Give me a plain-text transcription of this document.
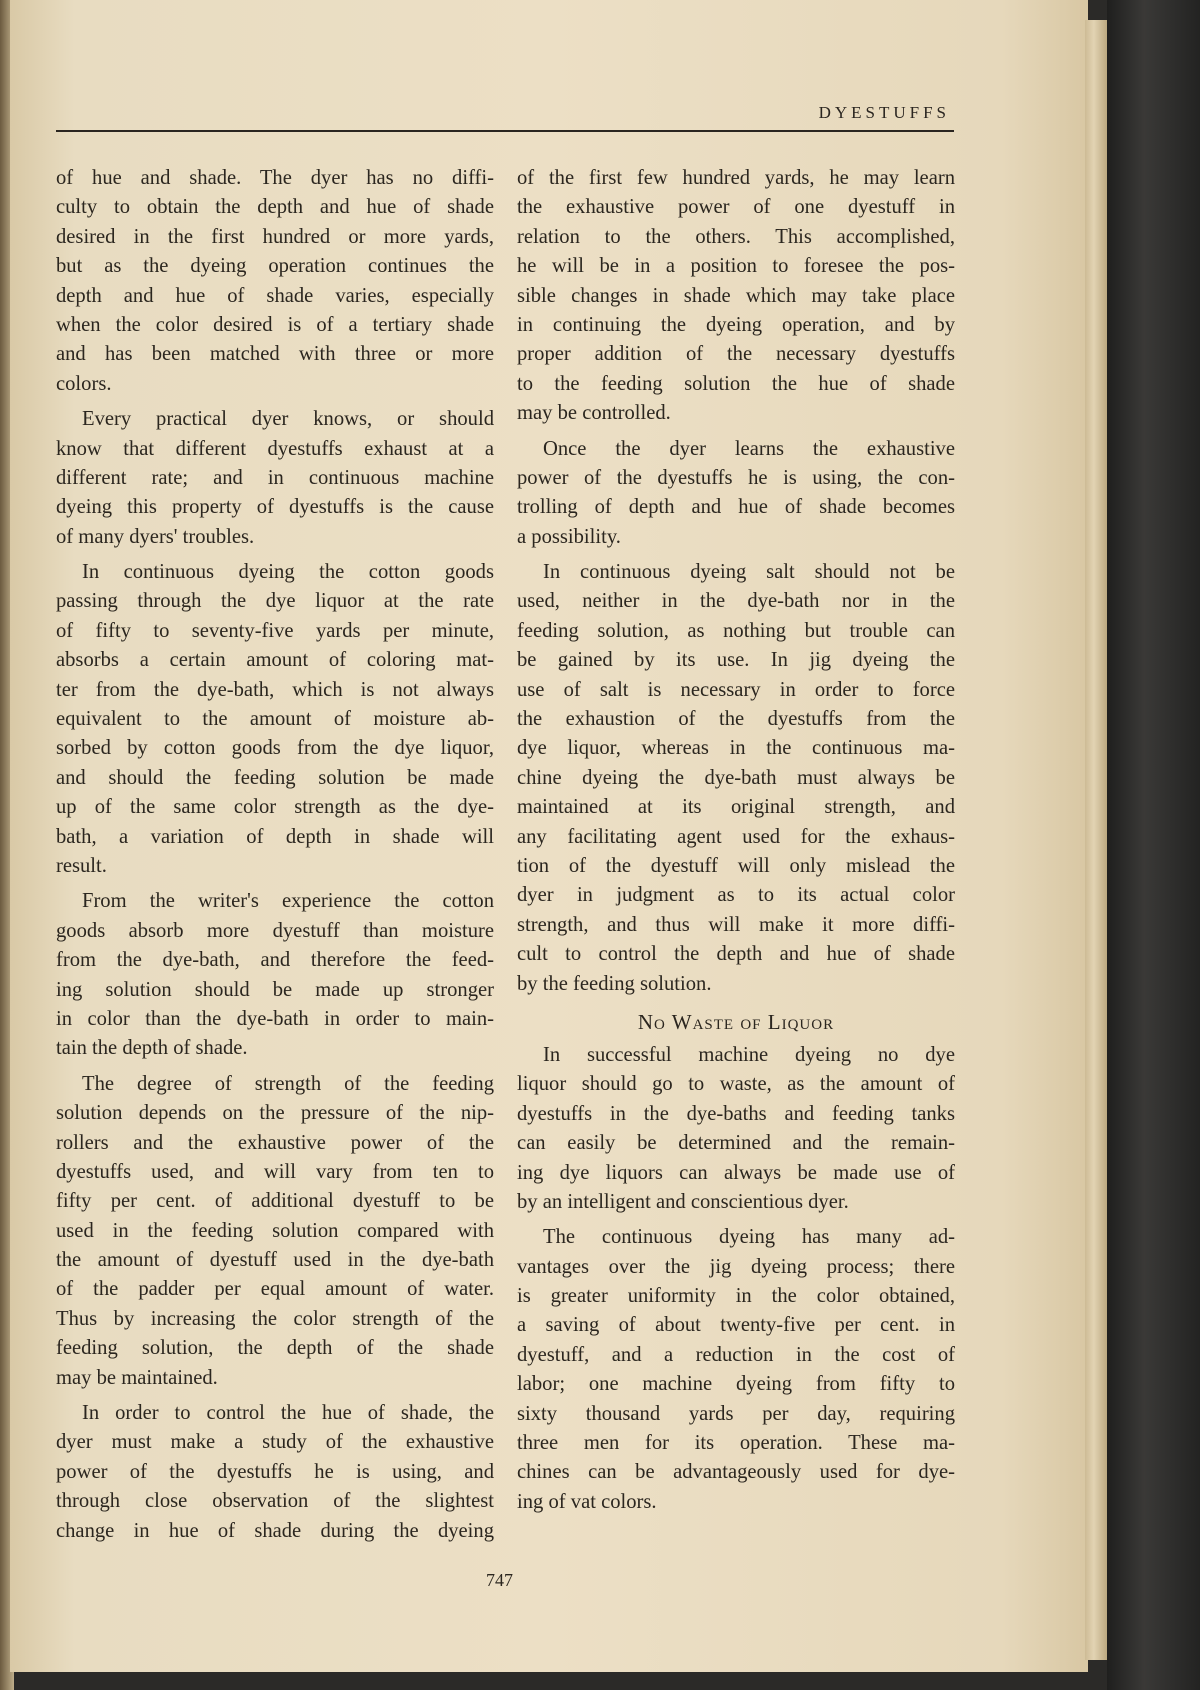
DYESTUFFS
of hue and shade. The dyer has no diffi-
culty to obtain the depth and hue of shade
desired in the first hundred or more yards,
but as the dyeing operation continues the
depth and hue of shade varies, especially
when the color desired is of a tertiary shade
and has been matched with three or more
colors.
Every practical dyer knows, or should
know that different dyestuffs exhaust at a
different rate; and in continuous machine
dyeing this property of dyestuffs is the cause
of many dyers' troubles.
In continuous dyeing the cotton goods
passing through the dye liquor at the rate
of fifty to seventy-five yards per minute,
absorbs a certain amount of coloring mat-
ter from the dye-bath, which is not always
equivalent to the amount of moisture ab-
sorbed by cotton goods from the dye liquor,
and should the feeding solution be made
up of the same color strength as the dye-
bath, a variation of depth in shade will
result.
From the writer's experience the cotton
goods absorb more dyestuff than moisture
from the dye-bath, and therefore the feed-
ing solution should be made up stronger
in color than the dye-bath in order to main-
tain the depth of shade.
The degree of strength of the feeding
solution depends on the pressure of the nip-
rollers and the exhaustive power of the
dyestuffs used, and will vary from ten to
fifty per cent. of additional dyestuff to be
used in the feeding solution compared with
the amount of dyestuff used in the dye-bath
of the padder per equal amount of water.
Thus by increasing the color strength of the
feeding solution, the depth of the shade
may be maintained.
In order to control the hue of shade, the
dyer must make a study of the exhaustive
power of the dyestuffs he is using, and
through close observation of the slightest
change in hue of shade during the dyeing
of the first few hundred yards, he may learn
the exhaustive power of one dyestuff in
relation to the others. This accomplished,
he will be in a position to foresee the pos-
sible changes in shade which may take place
in continuing the dyeing operation, and by
proper addition of the necessary dyestuffs
to the feeding solution the hue of shade
may be controlled.
Once the dyer learns the exhaustive
power of the dyestuffs he is using, the con-
trolling of depth and hue of shade becomes
a possibility.
In continuous dyeing salt should not be
used, neither in the dye-bath nor in the
feeding solution, as nothing but trouble can
be gained by its use. In jig dyeing the
use of salt is necessary in order to force
the exhaustion of the dyestuffs from the
dye liquor, whereas in the continuous ma-
chine dyeing the dye-bath must always be
maintained at its original strength, and
any facilitating agent used for the exhaus-
tion of the dyestuff will only mislead the
dyer in judgment as to its actual color
strength, and thus will make it more diffi-
cult to control the depth and hue of shade
by the feeding solution.
No Waste of Liquor
In successful machine dyeing no dye
liquor should go to waste, as the amount of
dyestuffs in the dye-baths and feeding tanks
can easily be determined and the remain-
ing dye liquors can always be made use of
by an intelligent and conscientious dyer.
The continuous dyeing has many ad-
vantages over the jig dyeing process; there
is greater uniformity in the color obtained,
a saving of about twenty-five per cent. in
dyestuff, and a reduction in the cost of
labor; one machine dyeing from fifty to
sixty thousand yards per day, requiring
three men for its operation. These ma-
chines can be advantageously used for dye-
ing of vat colors.
747
